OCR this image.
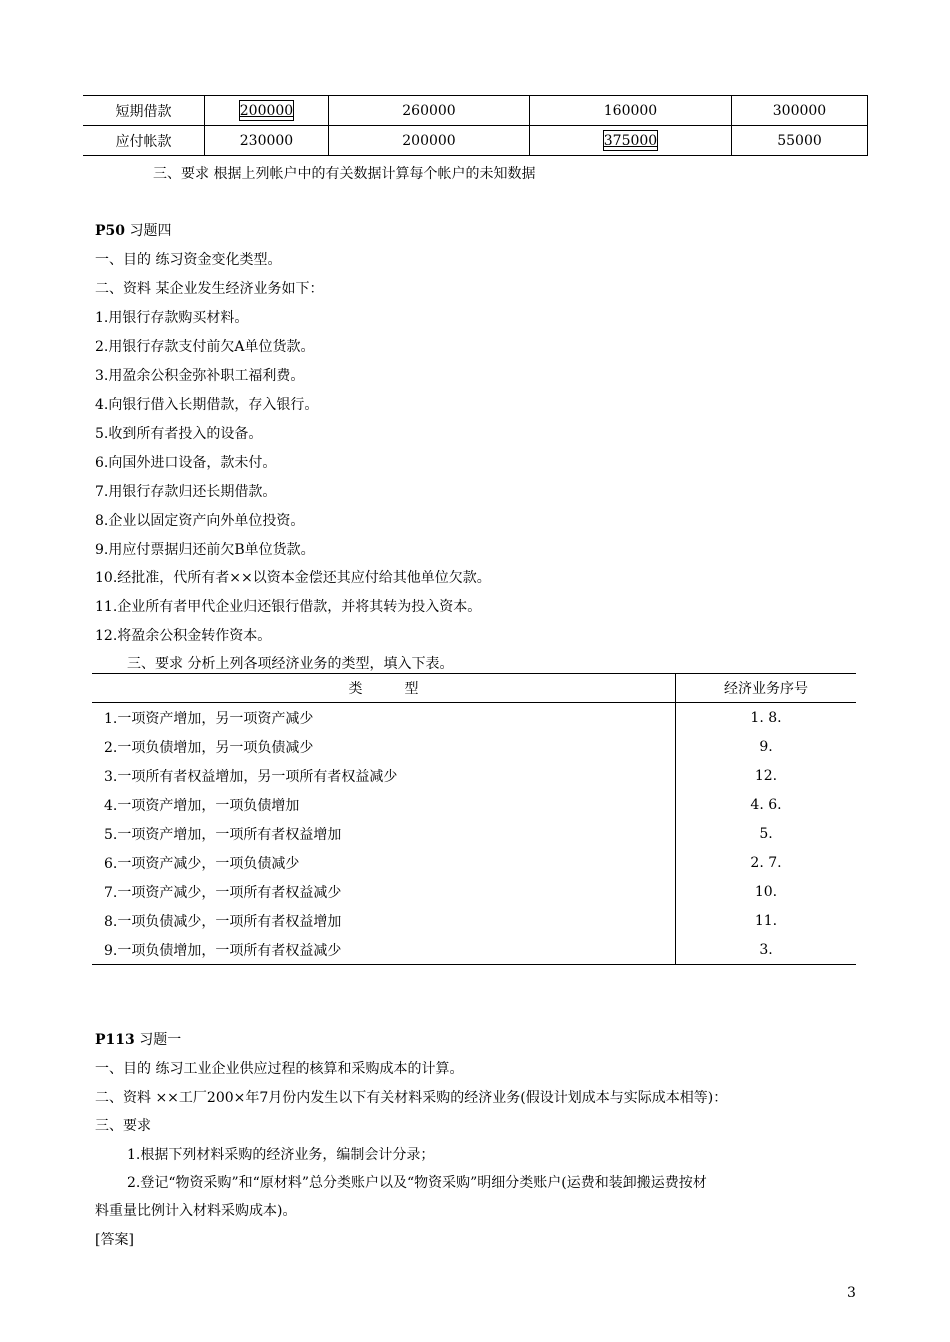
短期借款	200000	260000	160000	300000
应付帐款	230000	200000	375000	55000
三、要求 根据上列帐户中的有关数据计算每个帐户的未知数据
P50 习题四
一、目的 练习资金变化类型。
二、资料 某企业发生经济业务如下：
1.用银行存款购买材料。
2.用银行存款支付前欠A单位货款。
3.用盈余公积金弥补职工福利费。
4.向银行借入长期借款，存入银行。
5.收到所有者投入的设备。
6.向国外进口设备，款未付。
7.用银行存款归还长期借款。
8.企业以固定资产向外单位投资。
9.用应付票据归还前欠B单位货款。
10.经批准，代所有者××以资本金偿还其应付给其他单位欠款。
11.企业所有者甲代企业归还银行借款，并将其转为投入资本。
12.将盈余公积金转作资本。
三、要求 分析上列各项经济业务的类型，填入下表。
类　　　型	经济业务序号
1.一项资产增加，另一项资产减少	1. 8.
2.一项负债增加，另一项负债减少	9.
3.一项所有者权益增加，另一项所有者权益减少	12.
4.一项资产增加，一项负债增加	4. 6.
5.一项资产增加，一项所有者权益增加	5.
6.一项资产减少，一项负债减少	2. 7.
7.一项资产减少，一项所有者权益减少	10.
8.一项负债减少，一项所有者权益增加	11.
9.一项负债增加，一项所有者权益减少	3.
P113 习题一
一、目的 练习工业企业供应过程的核算和采购成本的计算。
二、资料 ××工厂200×年7月份内发生以下有关材料采购的经济业务(假设计划成本与实际成本相等)：
三、要求
1.根据下列材料采购的经济业务，编制会计分录；
2.登记“物资采购”和“原材料”总分类账户以及“物资采购”明细分类账户(运费和装卸搬运费按材
料重量比例计入材料采购成本)。
[答案]
3
